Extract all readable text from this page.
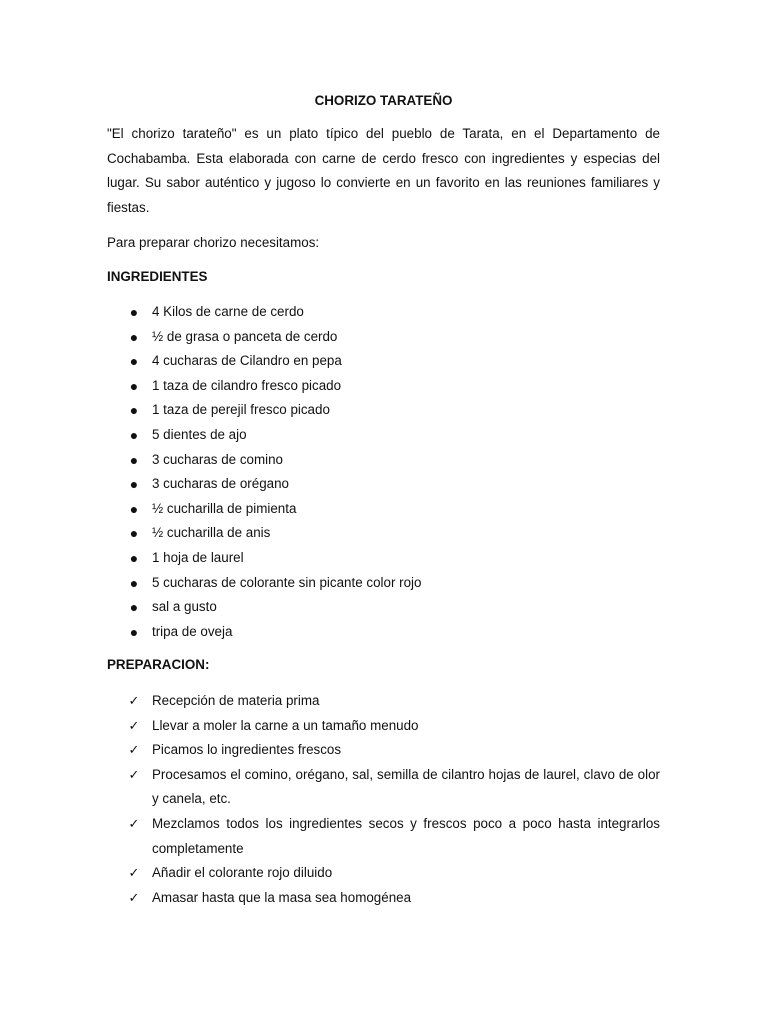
CHORIZO TARATEÑO

"El chorizo tarateño" es un plato típico del pueblo de Tarata, en el Departamento de Cochabamba. Esta elaborada con carne de cerdo fresco con ingredientes y especias del lugar. Su sabor auténtico y jugoso lo convierte en un favorito en las reuniones familiares y fiestas.

Para preparar chorizo necesitamos:

INGREDIENTES
● 4 Kilos de carne de cerdo
● ½ de grasa o panceta de cerdo
● 4 cucharas de Cilandro en pepa
● 1 taza de cilandro fresco picado
● 1 taza de perejil fresco picado
● 5 dientes de ajo
● 3 cucharas de comino
● 3 cucharas de orégano
● ½ cucharilla de pimienta
● ½ cucharilla de anis
● 1 hoja de laurel
● 5 cucharas de colorante sin picante color rojo
● sal a gusto
● tripa de oveja
PREPARACION:
✓ Recepción de materia prima
✓ Llevar a moler la carne a un tamaño menudo
✓ Picamos lo ingredientes frescos
✓ Procesamos el comino, orégano, sal, semilla de cilantro hojas de laurel, clavo de olor y canela, etc.
✓ Mezclamos todos los ingredientes secos y frescos poco a poco hasta integrarlos completamente
✓ Añadir el colorante rojo diluido
✓ Amasar hasta que la masa sea homogénea
